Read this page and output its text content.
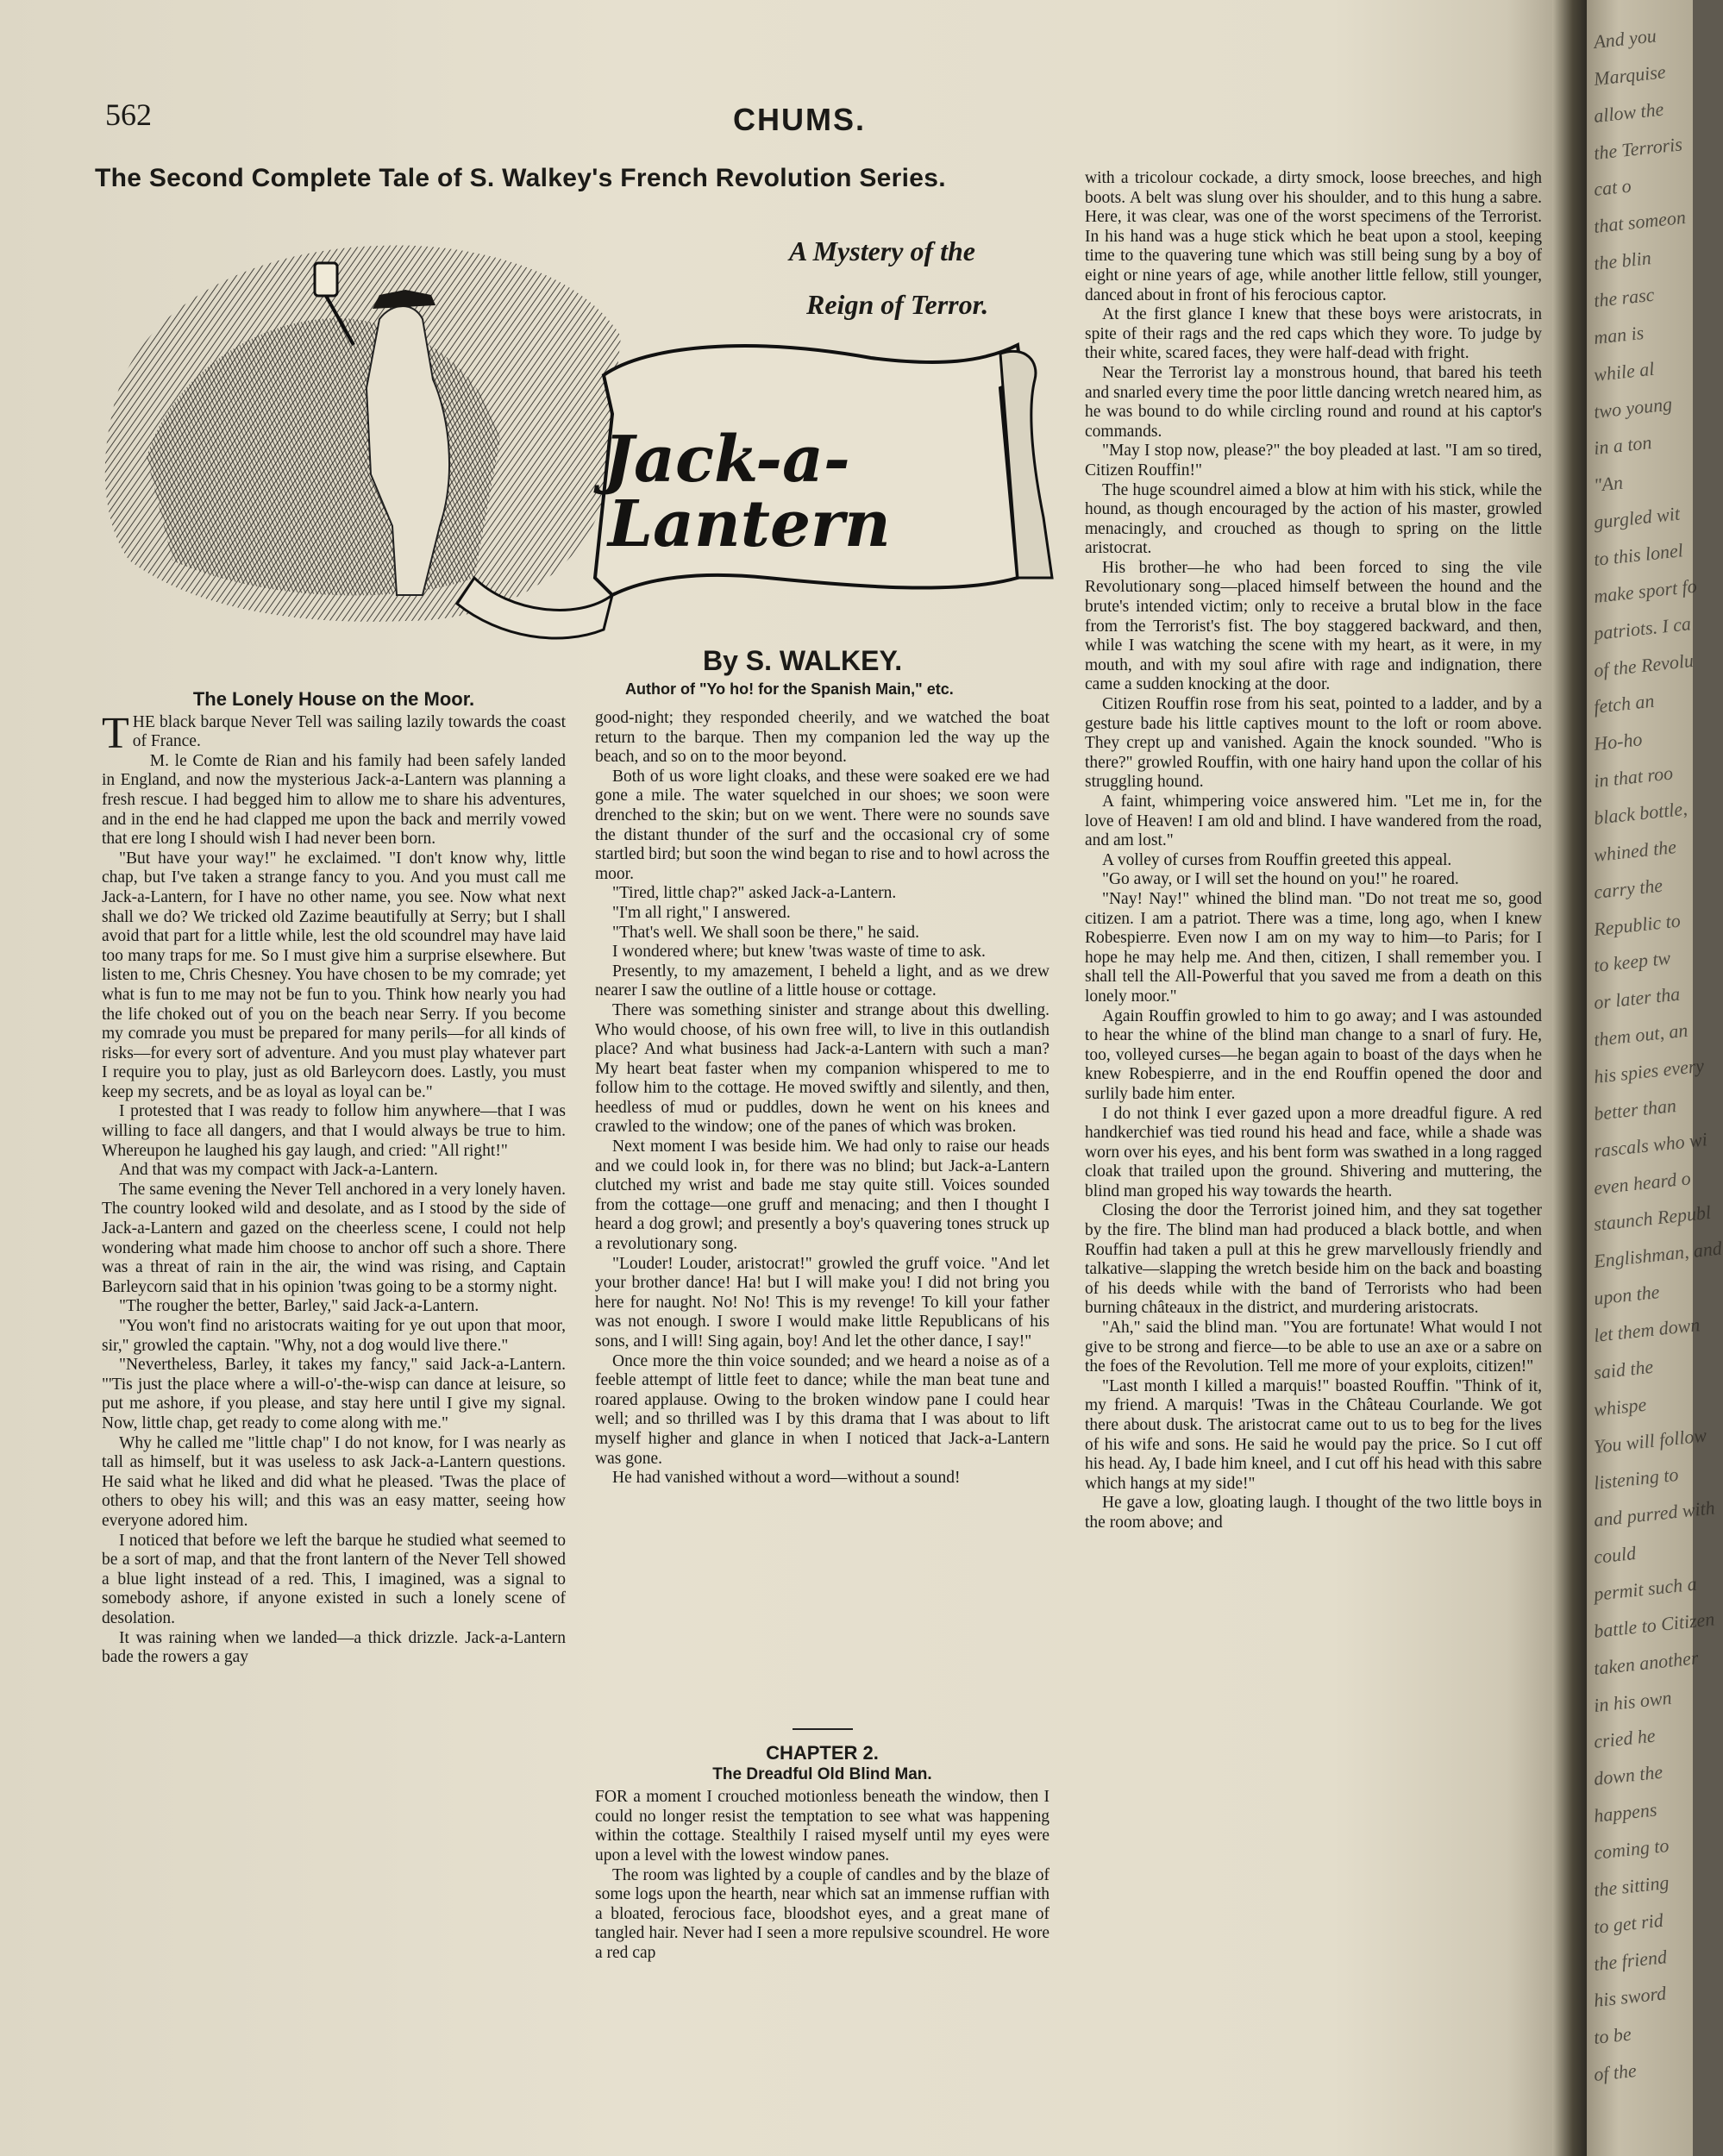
562	CHUMS.
The Second Complete Tale of S. Walkey's French Revolution Series.
A Mystery of the
Reign of Terror.
Jack-a-
Lantern
By S. WALKEY.
Author of "Yo ho! for the Spanish Main," etc.
The Lonely House on the Moor.

THE black barque Never Tell was sailing lazily towards the coast of France.

M. le Comte de Rian and his family had been safely landed in England, and now the mysterious Jack-a-Lantern was planning a fresh rescue. I had begged him to allow me to share his adventures, and in the end he had clapped me upon the back and merrily vowed that ere long I should wish I had never been born.

"But have your way!" he exclaimed. "I don't know why, little chap, but I've taken a strange fancy to you. And you must call me Jack-a-Lantern, for I have no other name, you see. Now what next shall we do? We tricked old Zazime beautifully at Serry; but I shall avoid that part for a little while, lest the old scoundrel may have laid too many traps for me. So I must give him a surprise elsewhere. But listen to me, Chris Chesney. You have chosen to be my comrade; yet what is fun to me may not be fun to you. Think how nearly you had the life choked out of you on the beach near Serry. If you become my comrade you must be prepared for many perils—for all kinds of risks—for every sort of adventure. And you must play whatever part I require you to play, just as old Barleycorn does. Lastly, you must keep my secrets, and be as loyal as loyal can be."

I protested that I was ready to follow him anywhere—that I was willing to face all dangers, and that I would always be true to him. Whereupon he laughed his gay laugh, and cried: "All right!"

And that was my compact with Jack-a-Lantern.

The same evening the Never Tell anchored in a very lonely haven. The country looked wild and desolate, and as I stood by the side of Jack-a-Lantern and gazed on the cheerless scene, I could not help wondering what made him choose to anchor off such a shore. There was a threat of rain in the air, the wind was rising, and Captain Barleycorn said that in his opinion 'twas going to be a stormy night.

"The rougher the better, Barley," said Jack-a-Lantern.

"You won't find no aristocrats waiting for ye out upon that moor, sir," growled the captain. "Why, not a dog would live there."

"Nevertheless, Barley, it takes my fancy," said Jack-a-Lantern. "'Tis just the place where a will-o'-the-wisp can dance at leisure, so put me ashore, if you please, and stay here until I give my signal. Now, little chap, get ready to come along with me."

Why he called me "little chap" I do not know, for I was nearly as tall as himself, but it was useless to ask Jack-a-Lantern questions. He said what he liked and did what he pleased. 'Twas the place of others to obey his will; and this was an easy matter, seeing how everyone adored him.

I noticed that before we left the barque he studied what seemed to be a sort of map, and that the front lantern of the Never Tell showed a blue light instead of a red. This, I imagined, was a signal to somebody ashore, if anyone existed in such a lonely scene of desolation.

It was raining when we landed—a thick drizzle. Jack-a-Lantern bade the rowers a gay

good-night; they responded cheerily, and we watched the boat return to the barque. Then my companion led the way up the beach, and so on to the moor beyond.

Both of us wore light cloaks, and these were soaked ere we had gone a mile. The water squelched in our shoes; we soon were drenched to the skin; but on we went. There were no sounds save the distant thunder of the surf and the occasional cry of some startled bird; but soon the wind began to rise and to howl across the moor.

"Tired, little chap?" asked Jack-a-Lantern.

"I'm all right," I answered.

"That's well. We shall soon be there," he said.

I wondered where; but knew 'twas waste of time to ask.

Presently, to my amazement, I beheld a light, and as we drew nearer I saw the outline of a little house or cottage.

There was something sinister and strange about this dwelling. Who would choose, of his own free will, to live in this outlandish place? And what business had Jack-a-Lantern with such a man? My heart beat faster when my companion whispered to me to follow him to the cottage. He moved swiftly and silently, and then, heedless of mud or puddles, down he went on his knees and crawled to the window; one of the panes of which was broken.

Next moment I was beside him. We had only to raise our heads and we could look in, for there was no blind; but Jack-a-Lantern clutched my wrist and bade me stay quite still. Voices sounded from the cottage—one gruff and menacing; and then I thought I heard a dog growl; and presently a boy's quavering tones struck up a revolutionary song.

"Louder! Louder, aristocrat!" growled the gruff voice. "And let your brother dance! Ha! but I will make you! I did not bring you here for naught. No! No! This is my revenge! To kill your father was not enough. I swore I would make little Republicans of his sons, and I will! Sing again, boy! And let the other dance, I say!"

Once more the thin voice sounded; and we heard a noise as of a feeble attempt of little feet to dance; while the man beat tune and roared applause. Owing to the broken window pane I could hear well; and so thrilled was I by this drama that I was about to lift myself higher and glance in when I noticed that Jack-a-Lantern was gone.

He had vanished without a word—without a sound!

CHAPTER 2.
The Dreadful Old Blind Man.

FOR a moment I crouched motionless beneath the window, then I could no longer resist the temptation to see what was happening within the cottage. Stealthily I raised myself until my eyes were upon a level with the lowest window panes.

The room was lighted by a couple of candles and by the blaze of some logs upon the hearth, near which sat an immense ruffian with a bloated, ferocious face, bloodshot eyes, and a great mane of tangled hair. Never had I seen a more repulsive scoundrel. He wore a red cap

with a tricolour cockade, a dirty smock, loose breeches, and high boots. A belt was slung over his shoulder, and to this hung a sabre. Here, it was clear, was one of the worst specimens of the Terrorist. In his hand was a huge stick which he beat upon a stool, keeping time to the quavering tune which was still being sung by a boy of eight or nine years of age, while another little fellow, still younger, danced about in front of his ferocious captor.

At the first glance I knew that these boys were aristocrats, in spite of their rags and the red caps which they wore. To judge by their white, scared faces, they were half-dead with fright.

Near the Terrorist lay a monstrous hound, that bared his teeth and snarled every time the poor little dancing wretch neared him, as he was bound to do while circling round and round at his captor's commands.

"May I stop now, please?" the boy pleaded at last. "I am so tired, Citizen Rouffin!"

The huge scoundrel aimed a blow at him with his stick, while the hound, as though encouraged by the action of his master, growled menacingly, and crouched as though to spring on the little aristocrat.

His brother—he who had been forced to sing the vile Revolutionary song—placed himself between the hound and the brute's intended victim; only to receive a brutal blow in the face from the Terrorist's fist. The boy staggered backward, and then, while I was watching the scene with my heart, as it were, in my mouth, and with my soul afire with rage and indignation, there came a sudden knocking at the door.

Citizen Rouffin rose from his seat, pointed to a ladder, and by a gesture bade his little captives mount to the loft or room above. They crept up and vanished. Again the knock sounded. "Who is there?" growled Rouffin, with one hairy hand upon the collar of his struggling hound.

A faint, whimpering voice answered him. "Let me in, for the love of Heaven! I am old and blind. I have wandered from the road, and am lost."

A volley of curses from Rouffin greeted this appeal.

"Go away, or I will set the hound on you!" he roared.

"Nay! Nay!" whined the blind man. "Do not treat me so, good citizen. I am a patriot. There was a time, long ago, when I knew Robespierre. Even now I am on my way to him—to Paris; for I hope he may help me. And then, citizen, I shall remember you. I shall tell the All-Powerful that you saved me from a death on this lonely moor."

Again Rouffin growled to him to go away; and I was astounded to hear the whine of the blind man change to a snarl of fury. He, too, volleyed curses—he began again to boast of the days when he knew Robespierre, and in the end Rouffin opened the door and surlily bade him enter.

I do not think I ever gazed upon a more dreadful figure. A red handkerchief was tied round his head and face, while a shade was worn over his eyes, and his bent form was swathed in a long ragged cloak that trailed upon the ground. Shivering and muttering, the blind man groped his way towards the hearth.

Closing the door the Terrorist joined him, and they sat together by the fire. The blind man had produced a black bottle, and when Rouffin had taken a pull at this he grew marvellously friendly and talkative—slapping the wretch beside him on the back and boasting of his deeds while with the band of Terrorists who had been burning châteaux in the district, and murdering aristocrats.

"Ah," said the blind man. "You are fortunate! What would I not give to be strong and fierce—to be able to use an axe or a sabre on the foes of the Revolution. Tell me more of your exploits, citizen!"

"Last month I killed a marquis!" boasted Rouffin. "Think of it, my friend. A marquis! 'Twas in the Château Courlande. We got there about dusk. The aristocrat came out to us to beg for the lives of his wife and sons. He said he would pay the price. So I cut off his head. Ay, I bade him kneel, and I cut off his head with this sabre which hangs at my side!"

He gave a low, gloating laugh. I thought of the two little boys in the room above; and

And you
Marquise
allow the
the Terroris
cat o
that someon
the blin
the rasc
man is
while al
two young
in a ton
"An
gurgled wit
to this lonel
make sport fo
patriots. I ca
of the Revolu
fetch an
Ho-ho
in that roo
black bottle,
whined the
carry the
Republic to
to keep tw
or later tha
them out, an
his spies every
better than
rascals who wi
even heard o
staunch Republ
Englishman, and
upon the
let them down
said the
whispe
You will follow
listening to
and purred with
could
permit such a
battle to Citizen
taken another
in his own
cried he
down the
happens
coming to
the sitting
to get rid
the friend
his sword
to be
of the
